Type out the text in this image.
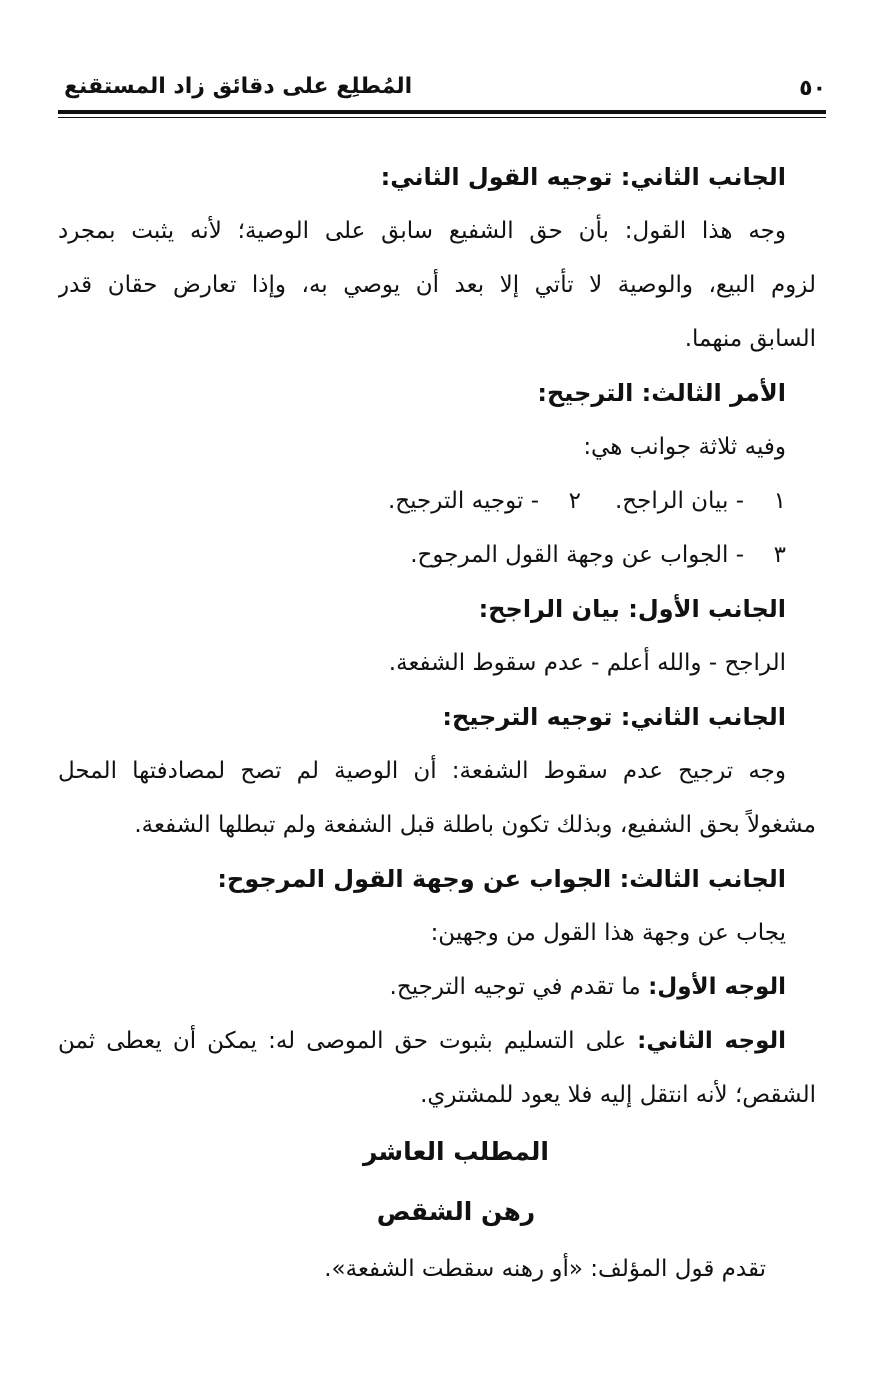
٥٠
المُطلِع على دقائق زاد المستقنع

الجانب الثاني: توجيه القول الثاني:

وجه هذا القول: بأن حق الشفيع سابق على الوصية؛ لأنه يثبت بمجرد

لزوم البيع، والوصية لا تأتي إلا بعد أن يوصي به، وإذا تعارض حقان قدر

السابق منهما.

الأمر الثالث: الترجيح:

وفيه ثلاثة جوانب هي:

١- بيان الراجح.
٢- توجيه الترجيح.

٣- الجواب عن وجهة القول المرجوح.

الجانب الأول: بيان الراجح:

الراجح - والله أعلم - عدم سقوط الشفعة.

الجانب الثاني: توجيه الترجيح:

وجه ترجيح عدم سقوط الشفعة: أن الوصية لم تصح لمصادفتها المحل

مشغولاً بحق الشفيع، وبذلك تكون باطلة قبل الشفعة ولم تبطلها الشفعة.

الجانب الثالث: الجواب عن وجهة القول المرجوح:

يجاب عن وجهة هذا القول من وجهين:

الوجه الأول: ما تقدم في توجيه الترجيح.

الوجه الثاني: على التسليم بثبوت حق الموصى له: يمكن أن يعطى ثمن

الشقص؛ لأنه انتقل إليه فلا يعود للمشتري.

المطلب العاشر

رهن الشقص

تقدم قول المؤلف: «أو رهنه سقطت الشفعة».
